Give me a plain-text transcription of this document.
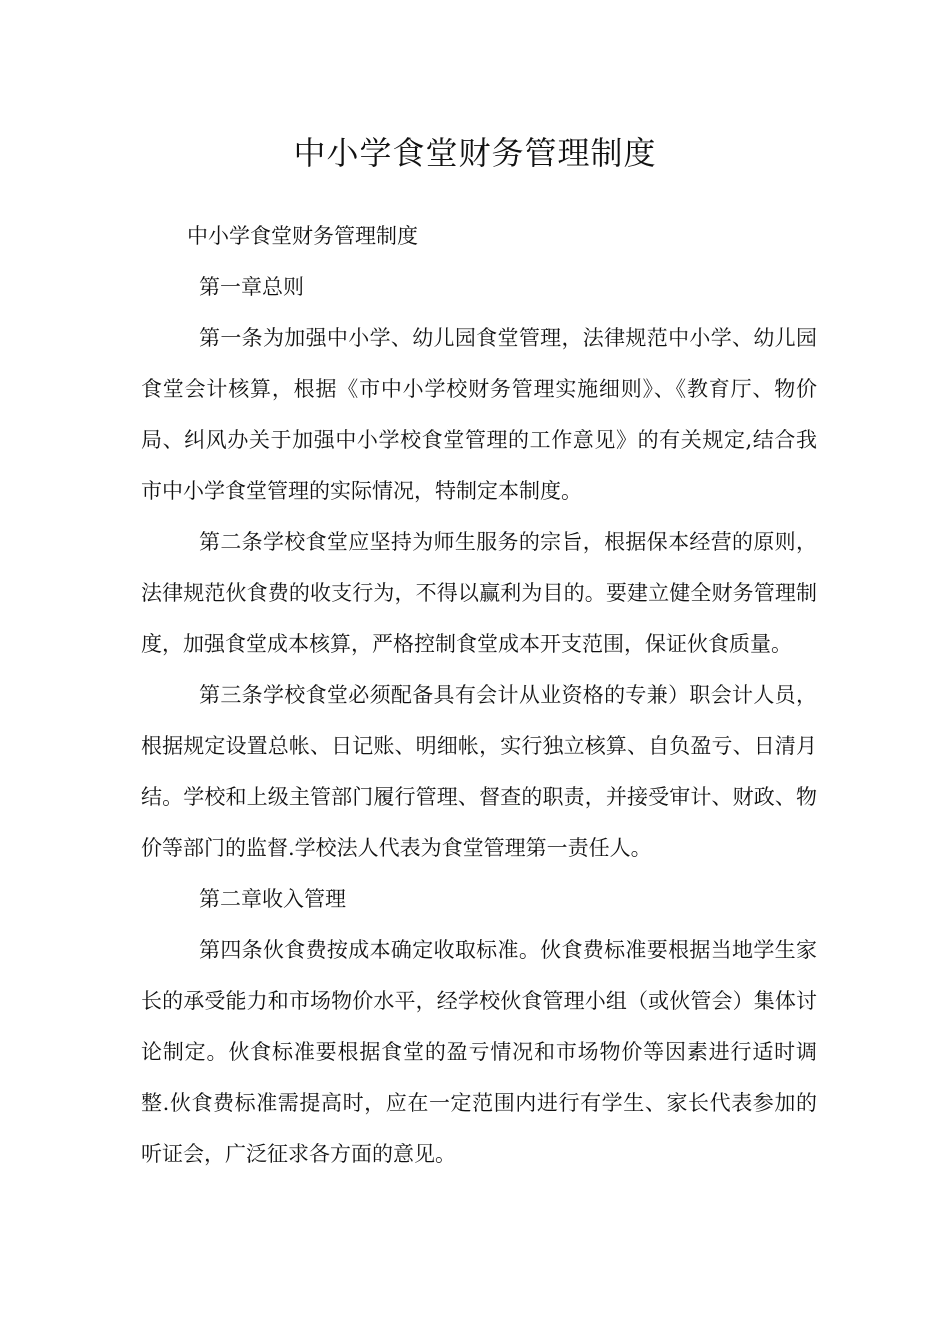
中小学食堂财务管理制度

中小学食堂财务管理制度

第一章总则

第一条为加强中小学、幼儿园食堂管理，法律规范中小学、幼儿园食堂会计核算，根据《市中小学校财务管理实施细则》、《教育厅、物价局、纠风办关于加强中小学校食堂管理的工作意见》的有关规定,结合我市中小学食堂管理的实际情况，特制定本制度。

第二条学校食堂应坚持为师生服务的宗旨，根据保本经营的原则，法律规范伙食费的收支行为，不得以赢利为目的。要建立健全财务管理制度，加强食堂成本核算，严格控制食堂成本开支范围，保证伙食质量。

第三条学校食堂必须配备具有会计从业资格的专兼）职会计人员，根据规定设置总帐、日记账、明细帐，实行独立核算、自负盈亏、日清月结。学校和上级主管部门履行管理、督查的职责，并接受审计、财政、物价等部门的监督.学校法人代表为食堂管理第一责任人。

第二章收入管理

第四条伙食费按成本确定收取标准。伙食费标准要根据当地学生家长的承受能力和市场物价水平，经学校伙食管理小组（或伙管会）集体讨论制定。伙食标准要根据食堂的盈亏情况和市场物价等因素进行适时调整.伙食费标准需提高时，应在一定范围内进行有学生、家长代表参加的听证会，广泛征求各方面的意见。
